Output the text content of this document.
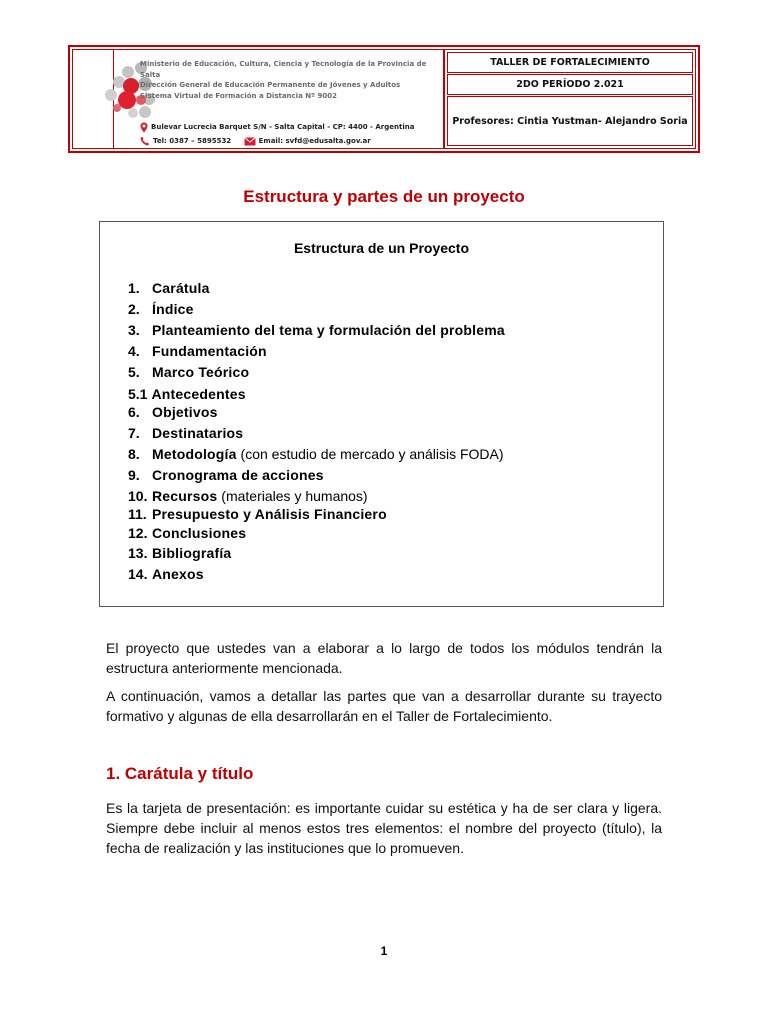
Ministerio de Educación, Cultura, Ciencia y Tecnología de la Provincia de Salta
Dirección General de Educación Permanente de Jóvenes y Adultos
Sistema Virtual de Formación a Distancia Nº 9002
Bulevar Lucrecia Barquet S/N - Salta Capital - CP: 4400 - Argentina
Tel: 0387 – 5895532	Email: svfd@edusalta.gov.ar
TALLER DE FORTALECIMIENTO
2DO PERÍODO 2.021
Profesores: Cintia Yustman- Alejandro Soria
Estructura y partes de un proyecto
Estructura de un Proyecto
1. Carátula
2. Índice
3. Planteamiento del tema y formulación del problema
4. Fundamentación
5. Marco Teórico
5.1 Antecedentes
6. Objetivos
7. Destinatarios
8. Metodología (con estudio de mercado y análisis FODA)
9. Cronograma de acciones
10. Recursos (materiales y humanos)
11. Presupuesto y Análisis Financiero
12. Conclusiones
13. Bibliografía
14. Anexos
El proyecto que ustedes van a elaborar a lo largo de todos los módulos tendrán la estructura anteriormente mencionada.
A continuación, vamos a detallar las partes que van a desarrollar durante su trayecto formativo y algunas de ella desarrollarán en el Taller de Fortalecimiento.
1. Carátula y título
Es la tarjeta de presentación: es importante cuidar su estética y ha de ser clara y ligera. Siempre debe incluir al menos estos tres elementos: el nombre del proyecto (título), la fecha de realización y las instituciones que lo promueven.
1
